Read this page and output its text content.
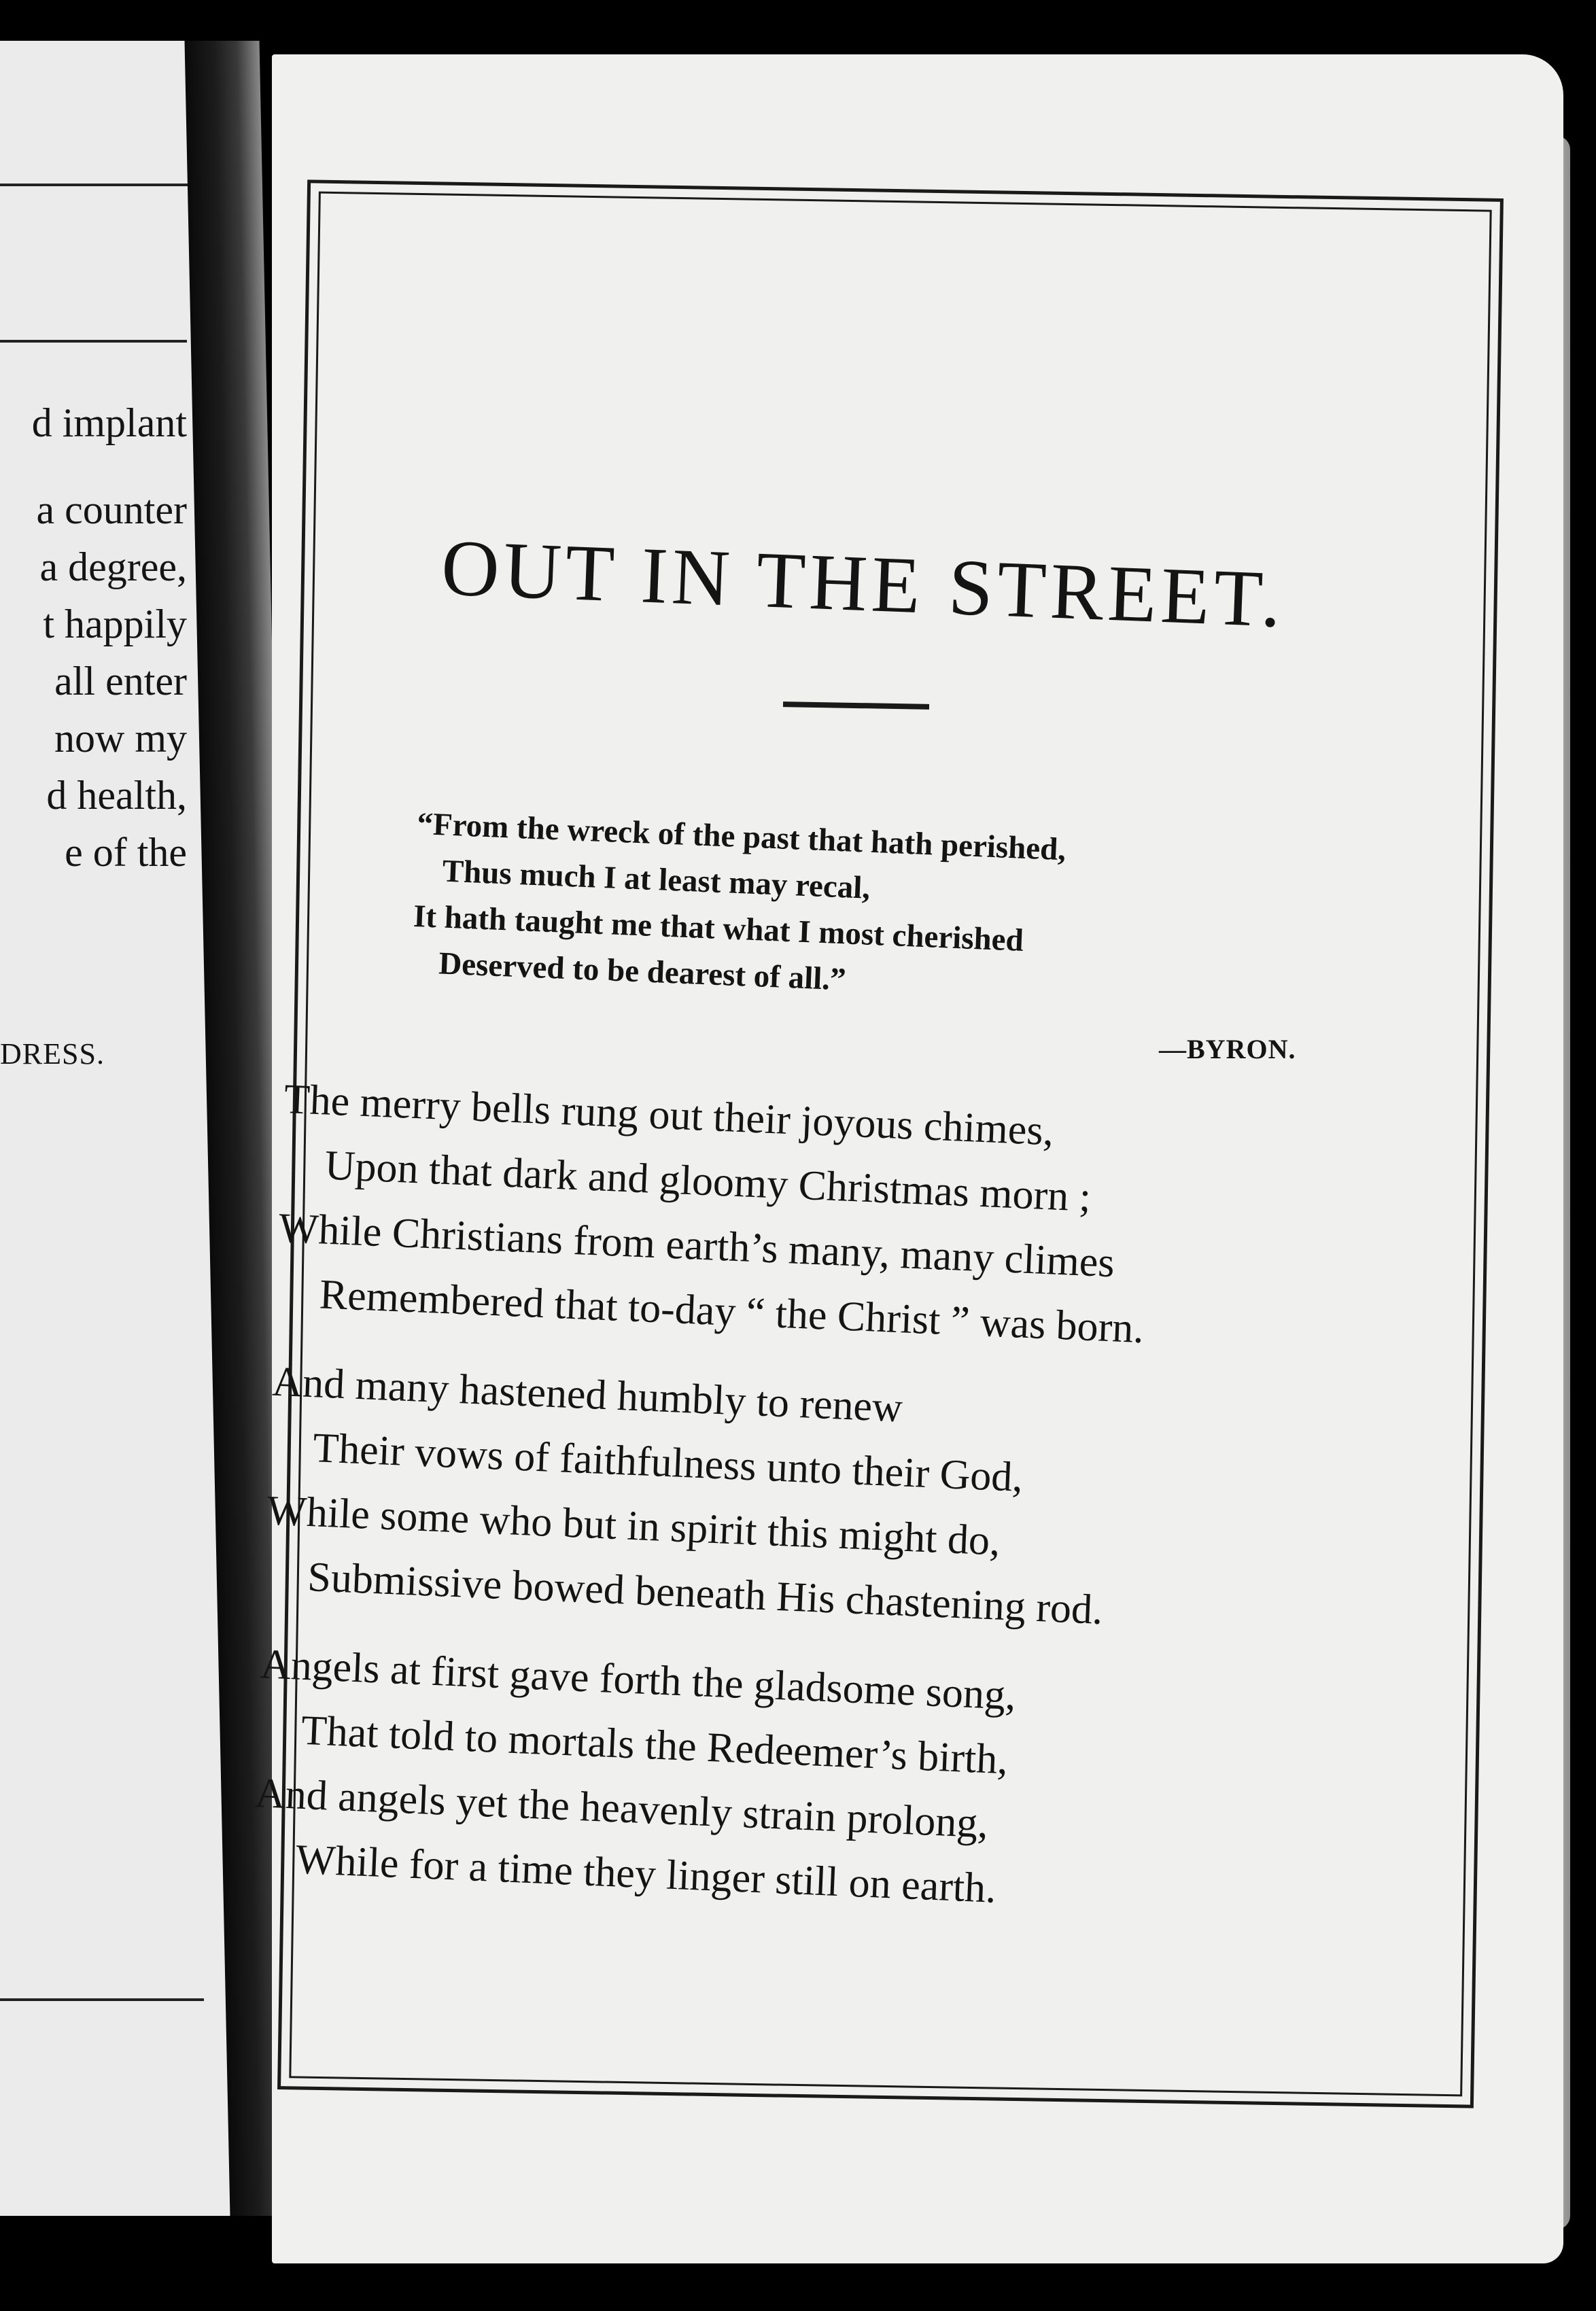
d implant
a counter
a degree,
t happily
all enter
now my
d health,
e of the
DRESS.
OUT IN THE STREET.
“From the wreck of the past that hath perished,
Thus much I at least may recal,
It hath taught me that what I most cherished
Deserved to be dearest of all.”
—BYRON.
The merry bells rung out their joyous chimes,
Upon that dark and gloomy Christmas morn ;
While Christians from earth’s many, many climes
Remembered that to-day “ the Christ ” was born.
And many hastened humbly to renew
Their vows of faithfulness unto their God,
While some who but in spirit this might do,
Submissive bowed beneath His chastening rod.
Angels at first gave forth the gladsome song,
That told to mortals the Redeemer’s birth,
And angels yet the heavenly strain prolong,
While for a time they linger still on earth.
